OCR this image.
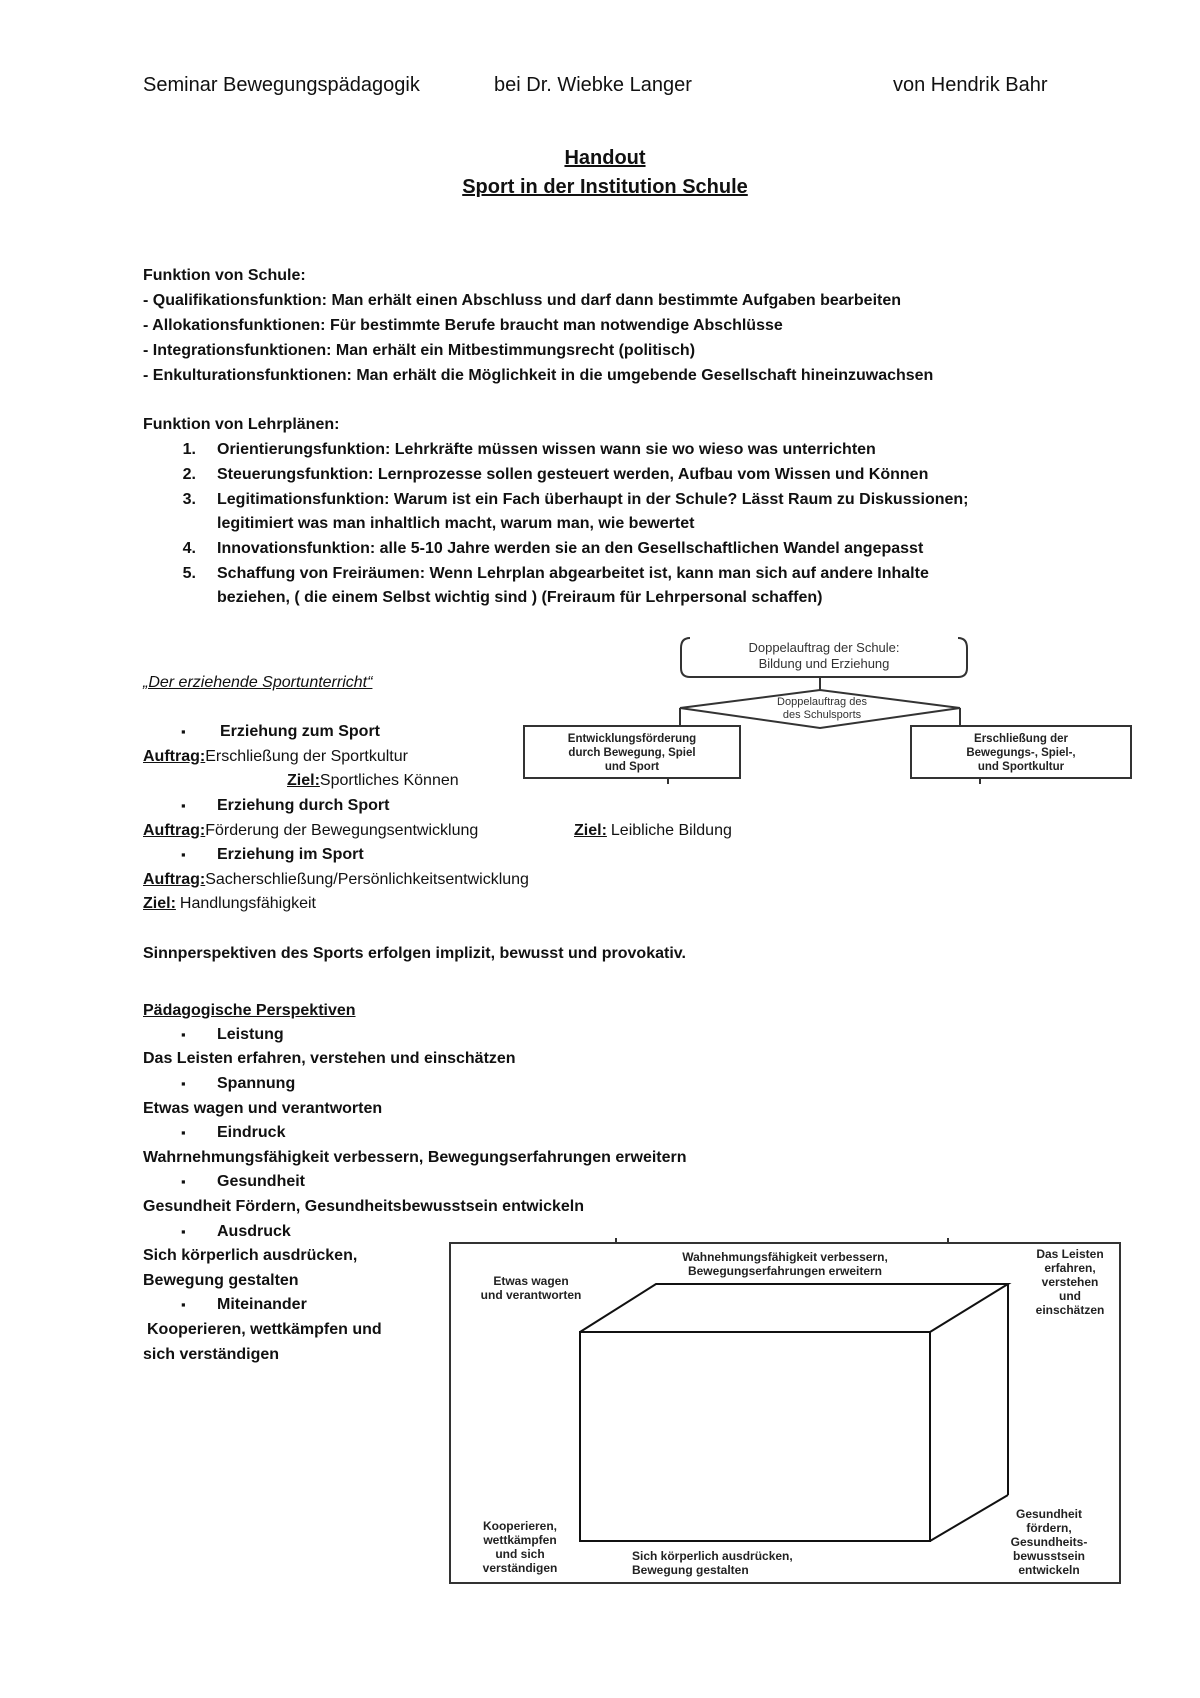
Seminar Bewegungspädagogik	bei Dr. Wiebke Langer	von Hendrik Bahr
Handout
Sport in der Institution Schule
Funktion von Schule:
- Qualifikationsfunktion: Man erhält einen Abschluss und darf dann bestimmte Aufgaben bearbeiten
- Allokationsfunktionen: Für bestimmte Berufe braucht man notwendige Abschlüsse
- Integrationsfunktionen: Man erhält ein Mitbestimmungsrecht (politisch)
- Enkulturationsfunktionen: Man erhält die Möglichkeit in die umgebende Gesellschaft hineinzuwachsen
Funktion von Lehrplänen:
1. Orientierungsfunktion: Lehrkräfte müssen wissen wann sie wo wieso was unterrichten
2. Steuerungsfunktion: Lernprozesse sollen gesteuert werden, Aufbau vom Wissen und Können
3. Legitimationsfunktion: Warum ist ein Fach überhaupt in der Schule? Lässt Raum zu Diskussionen;
legitimiert was man inhaltlich macht, warum man, wie bewertet
4. Innovationsfunktion: alle 5-10 Jahre werden sie an den Gesellschaftlichen Wandel angepasst
5. Schaffung von Freiräumen: Wenn Lehrplan abgearbeitet ist, kann man sich auf andere Inhalte
beziehen, ( die einem Selbst wichtig sind ) (Freiraum für Lehrpersonal schaffen)
„Der erziehende Sportunterricht“
▪ Erziehung zum Sport
Auftrag:Erschließung der Sportkultur
Ziel:Sportliches Können
▪ Erziehung durch Sport
Auftrag:Förderung der Bewegungsentwicklung	Ziel: Leibliche Bildung
▪ Erziehung im Sport
Auftrag:Sacherschließung/Persönlichkeitsentwicklung
Ziel: Handlungsfähigkeit
Sinnperspektiven des Sports erfolgen implizit, bewusst und provokativ.
Pädagogische Perspektiven
▪ Leistung
Das Leisten erfahren, verstehen und einschätzen
▪ Spannung
Etwas wagen und verantworten
▪ Eindruck
Wahrnehmungsfähigkeit verbessern, Bewegungserfahrungen erweitern
▪ Gesundheit
Gesundheit Fördern, Gesundheitsbewusstsein entwickeln
▪ Ausdruck
Sich körperlich ausdrücken,
Bewegung gestalten
▪ Miteinander
Kooperieren, wettkämpfen und
sich verständigen
Doppelauftrag der Schule:
Bildung und Erziehung
Doppelauftrag des
des Schulsports
Entwicklungsförderung
durch Bewegung, Spiel
und Sport
Erschließung der
Bewegungs-, Spiel-,
und Sportkultur
Wahnehmungsfähigkeit verbessern,
Bewegungserfahrungen erweitern
Etwas wagen
und verantworten
Das Leisten
erfahren,
verstehen
und
einschätzen
Kooperieren,
wettkämpfen
und sich
verständigen
Gesundheit
fördern,
Gesundheits-
bewusstsein
entwickeln
Sich körperlich ausdrücken,
Bewegung gestalten
